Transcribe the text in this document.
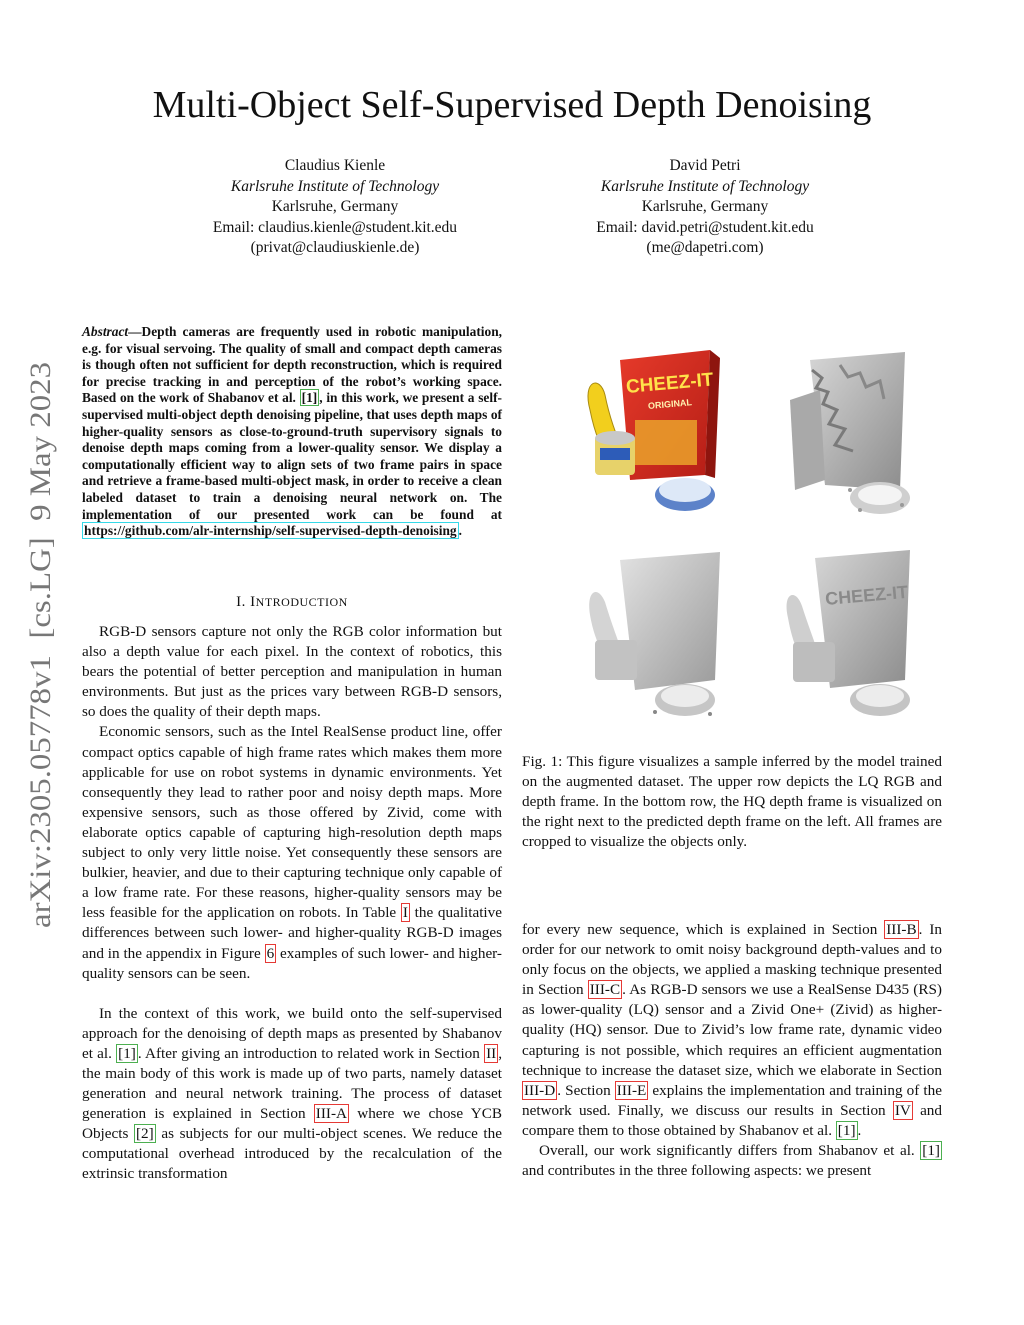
Multi-Object Self-Supervised Depth Denoising
Claudius Kienle
Karlsruhe Institute of Technology
Karlsruhe, Germany
Email: claudius.kienle@student.kit.edu
(privat@claudiuskienle.de)
David Petri
Karlsruhe Institute of Technology
Karlsruhe, Germany
Email: david.petri@student.kit.edu
(me@dapetri.com)
arXiv:2305.05778v1  [cs.LG]  9 May 2023
Abstract—Depth cameras are frequently used in robotic manipulation, e.g. for visual servoing. The quality of small and compact depth cameras is though often not sufficient for depth reconstruction, which is required for precise tracking in and perception of the robot’s working space. Based on the work of Shabanov et al. [1] , in this work, we present a self-supervised multi-object depth denoising pipeline, that uses depth maps of higher-quality sensors as close-to-ground-truth supervisory signals to denoise depth maps coming from a lower-quality sensor. We display a computationally efficient way to align sets of two frame pairs in space and retrieve a frame-based multi-object mask, in order to receive a clean labeled dataset to train a denoising neural network on. The implementation of our presented work can be found at https://github.com/alr-internship/self-supervised-depth-denoising .
I. INTRODUCTION

RGB-D sensors capture not only the RGB color information but also a depth value for each pixel. In the context of robotics, this bears the potential of better perception and manipulation in human environments. But just as the prices vary between RGB-D sensors, so does the quality of their depth maps.

Economic sensors, such as the Intel RealSense product line, offer compact optics capable of high frame rates which makes them more applicable for use on robot systems in dynamic environments. Yet consequently they lead to rather poor and noisy depth maps. More expensive sensors, such as those offered by Zivid, come with elaborate optics capable of capturing high-resolution depth maps subject to only very little noise. Yet consequently these sensors are bulkier, heavier, and due to their capturing technique only capable of a low frame rate. For these reasons, higher-quality sensors may be less feasible for the application on robots. In Table I the qualitative differences between such lower- and higher-quality RGB-D images and in the appendix in Figure 6 examples of such lower- and higher-quality sensors can be seen.

In the context of this work, we build onto the self-supervised approach for the denoising of depth maps as presented by Shabanov et al. [1] . After giving an introduction to related work in Section II , the main body of this work is made up of two parts, namely dataset generation and neural network training. The process of dataset generation is explained in Section III-A where we chose YCB Objects [2] as subjects for our multi-object scenes. We reduce the computational overhead introduced by the recalculation of the extrinsic transformation

CHEEZ-IT
ORIGINAL
CHEEZ-IT
Fig. 1: This figure visualizes a sample inferred by the model trained on the augmented dataset. The upper row depicts the LQ RGB and depth frame. In the bottom row, the HQ depth frame is visualized on the right next to the predicted depth frame on the left. All frames are cropped to visualize the objects only.

for every new sequence, which is explained in Section III-B . In order for our network to omit noisy background depth-values and to only focus on the objects, we applied a masking technique presented in Section III-C . As RGB-D sensors we use a RealSense D435 (RS) as lower-quality (LQ) sensor and a Zivid One+ (Zivid) as higher-quality (HQ) sensor. Due to Zivid’s low frame rate, dynamic video capturing is not possible, which requires an efficient augmentation technique to increase the dataset size, which we elaborate in Section III-D . Section III-E explains the implementation and training of the network used. Finally, we discuss our results in Section IV and compare them to those obtained by Shabanov et al. [1] .

Overall, our work significantly differs from Shabanov et al. [1] and contributes in the three following aspects: we present
